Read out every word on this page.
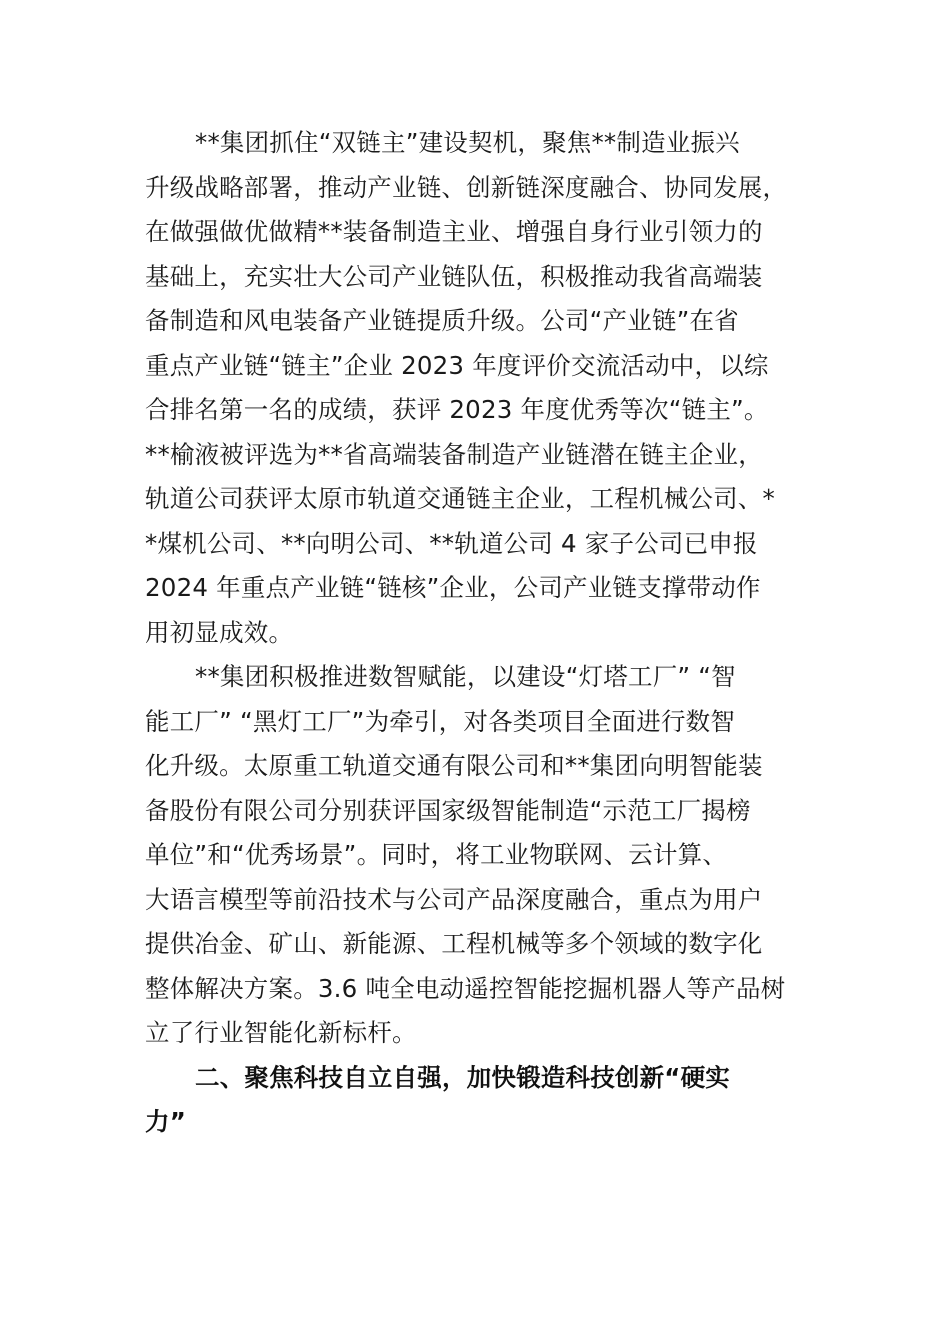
**集团抓住“双链主”建设契机，聚焦**制造业振兴
升级战略部署，推动产业链、创新链深度融合、协同发展，
在做强做优做精**装备制造主业、增强自身行业引领力的
基础上，充实壮大公司产业链队伍，积极推动我省高端装
备制造和风电装备产业链提质升级。公司“产业链”在省
重点产业链“链主”企业 2023 年度评价交流活动中，以综
合排名第一名的成绩，获评 2023 年度优秀等次“链主”。
**榆液被评选为**省高端装备制造产业链潜在链主企业，
轨道公司获评太原市轨道交通链主企业，工程机械公司、*
*煤机公司、**向明公司、**轨道公司 4 家子公司已申报
2024 年重点产业链“链核”企业，公司产业链支撑带动作
用初显成效。
**集团积极推进数智赋能，以建设“灯塔工厂” “智
能工厂” “黑灯工厂”为牵引，对各类项目全面进行数智
化升级。太原重工轨道交通有限公司和**集团向明智能装
备股份有限公司分别获评国家级智能制造“示范工厂揭榜
单位”和“优秀场景”。同时，将工业物联网、云计算、
大语言模型等前沿技术与公司产品深度融合，重点为用户
提供冶金、矿山、新能源、工程机械等多个领域的数字化
整体解决方案。3.6 吨全电动遥控智能挖掘机器人等产品树
立了行业智能化新标杆。
二、聚焦科技自立自强，加快锻造科技创新“硬实
力”
